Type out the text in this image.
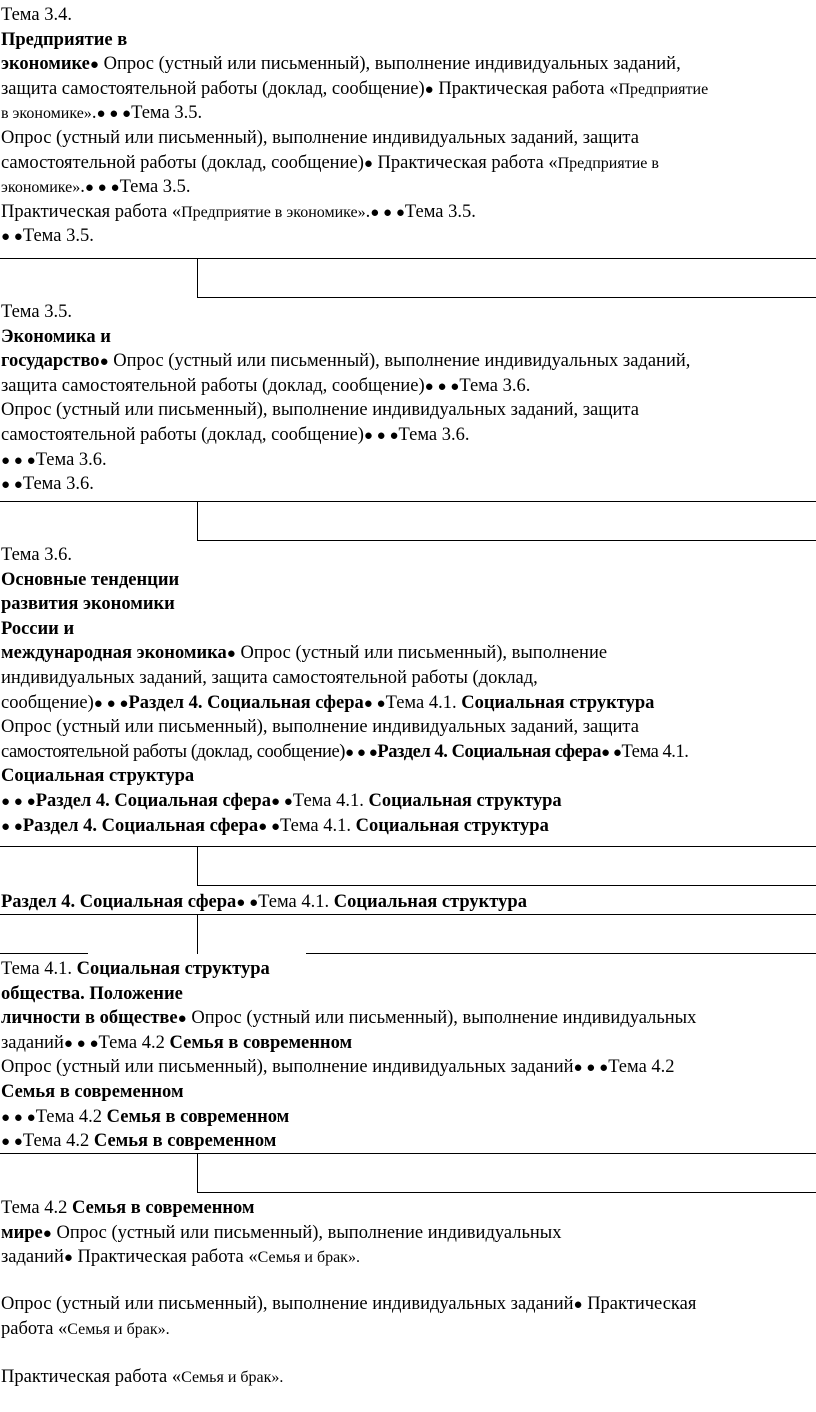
Тема 3.4.
Предприятие в
экономике● Опрос (устный или письменный), выполнение индивидуальных заданий,
защита самостоятельной работы (доклад, сообщение)● Практическая работа «Предприятие
в экономике».● ● ●Тема 3.5.
Опрос (устный или письменный), выполнение индивидуальных заданий, защита
самостоятельной работы (доклад, сообщение)● Практическая работа «Предприятие в
экономике».● ● ●Тема 3.5.
Практическая работа «Предприятие в экономике».● ● ●Тема 3.5.
● ●Тема 3.5.
Тема 3.5.
Экономика и
государство● Опрос (устный или письменный), выполнение индивидуальных заданий,
защита самостоятельной работы (доклад, сообщение)● ● ●Тема 3.6.
Опрос (устный или письменный), выполнение индивидуальных заданий, защита
самостоятельной работы (доклад, сообщение)● ● ●Тема 3.6.
● ● ●Тема 3.6.
● ●Тема 3.6.
Тема 3.6.
Основные тенденции
развития экономики
России и
международная экономика● Опрос (устный или письменный), выполнение
индивидуальных заданий, защита самостоятельной работы (доклад,
сообщение)● ● ●Раздел 4. Социальная сфера● ●Тема 4.1. Социальная структура
Опрос (устный или письменный), выполнение индивидуальных заданий, защита
самостоятельной работы (доклад, сообщение)● ● ●Раздел 4. Социальная сфера● ●Тема 4.1.
Социальная структура
● ● ●Раздел 4. Социальная сфера● ●Тема 4.1. Социальная структура
● ●Раздел 4. Социальная сфера● ●Тема 4.1. Социальная структура
Раздел 4. Социальная сфера● ●Тема 4.1. Социальная структура
Тема 4.1. Социальная структура
общества. Положение
личности в обществе● Опрос (устный или письменный), выполнение индивидуальных
заданий● ● ●Тема 4.2 Семья в современном
Опрос (устный или письменный), выполнение индивидуальных заданий● ● ●Тема 4.2
Семья в современном
● ● ●Тема 4.2 Семья в современном
● ●Тема 4.2 Семья в современном
Тема 4.2 Семья в современном
мире● Опрос (устный или письменный), выполнение индивидуальных
заданий● Практическая работа «Семья и брак».
Опрос (устный или письменный), выполнение индивидуальных заданий● Практическая
работа «Семья и брак».
Практическая работа «Семья и брак».
